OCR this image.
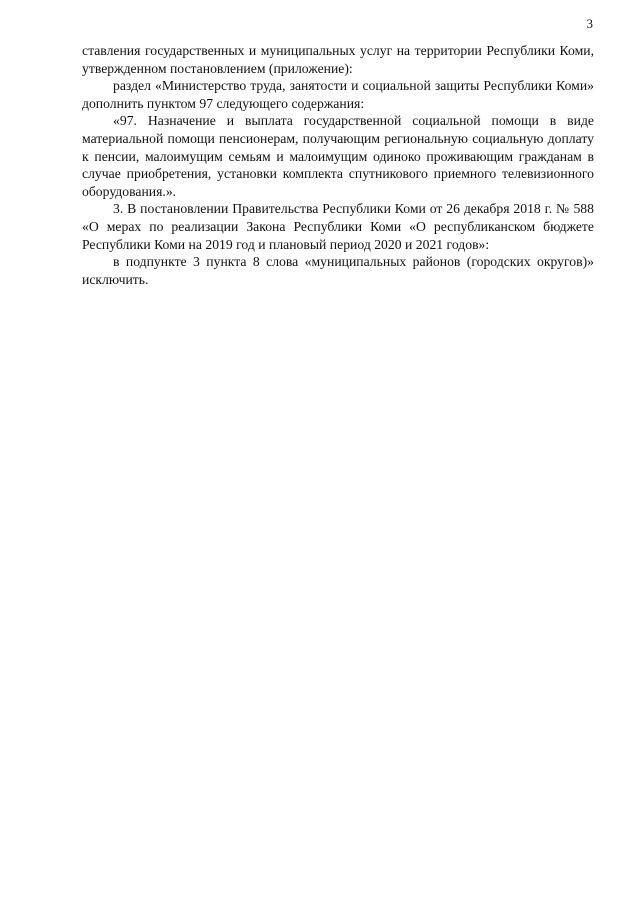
3

ставления государственных и муниципальных услуг на территории Республики Коми, утвержденном постановлением (приложение):

раздел «Министерство труда, занятости и социальной защиты Республики Коми» дополнить пунктом 97 следующего содержания:

«97. Назначение и выплата государственной социальной помощи в виде материальной помощи пенсионерам, получающим региональную социальную доплату к пенсии, малоимущим семьям и малоимущим одиноко проживающим гражданам в случае приобретения, установки комплекта спутникового приемного телевизионного оборудования.».

3. В постановлении Правительства Республики Коми от 26 декабря 2018 г. № 588 «О мерах по реализации Закона Республики Коми «О республиканском бюджете Республики Коми на 2019 год и плановый период 2020 и 2021 годов»:

в подпункте 3 пункта 8 слова «муниципальных районов (городских округов)» исключить.
